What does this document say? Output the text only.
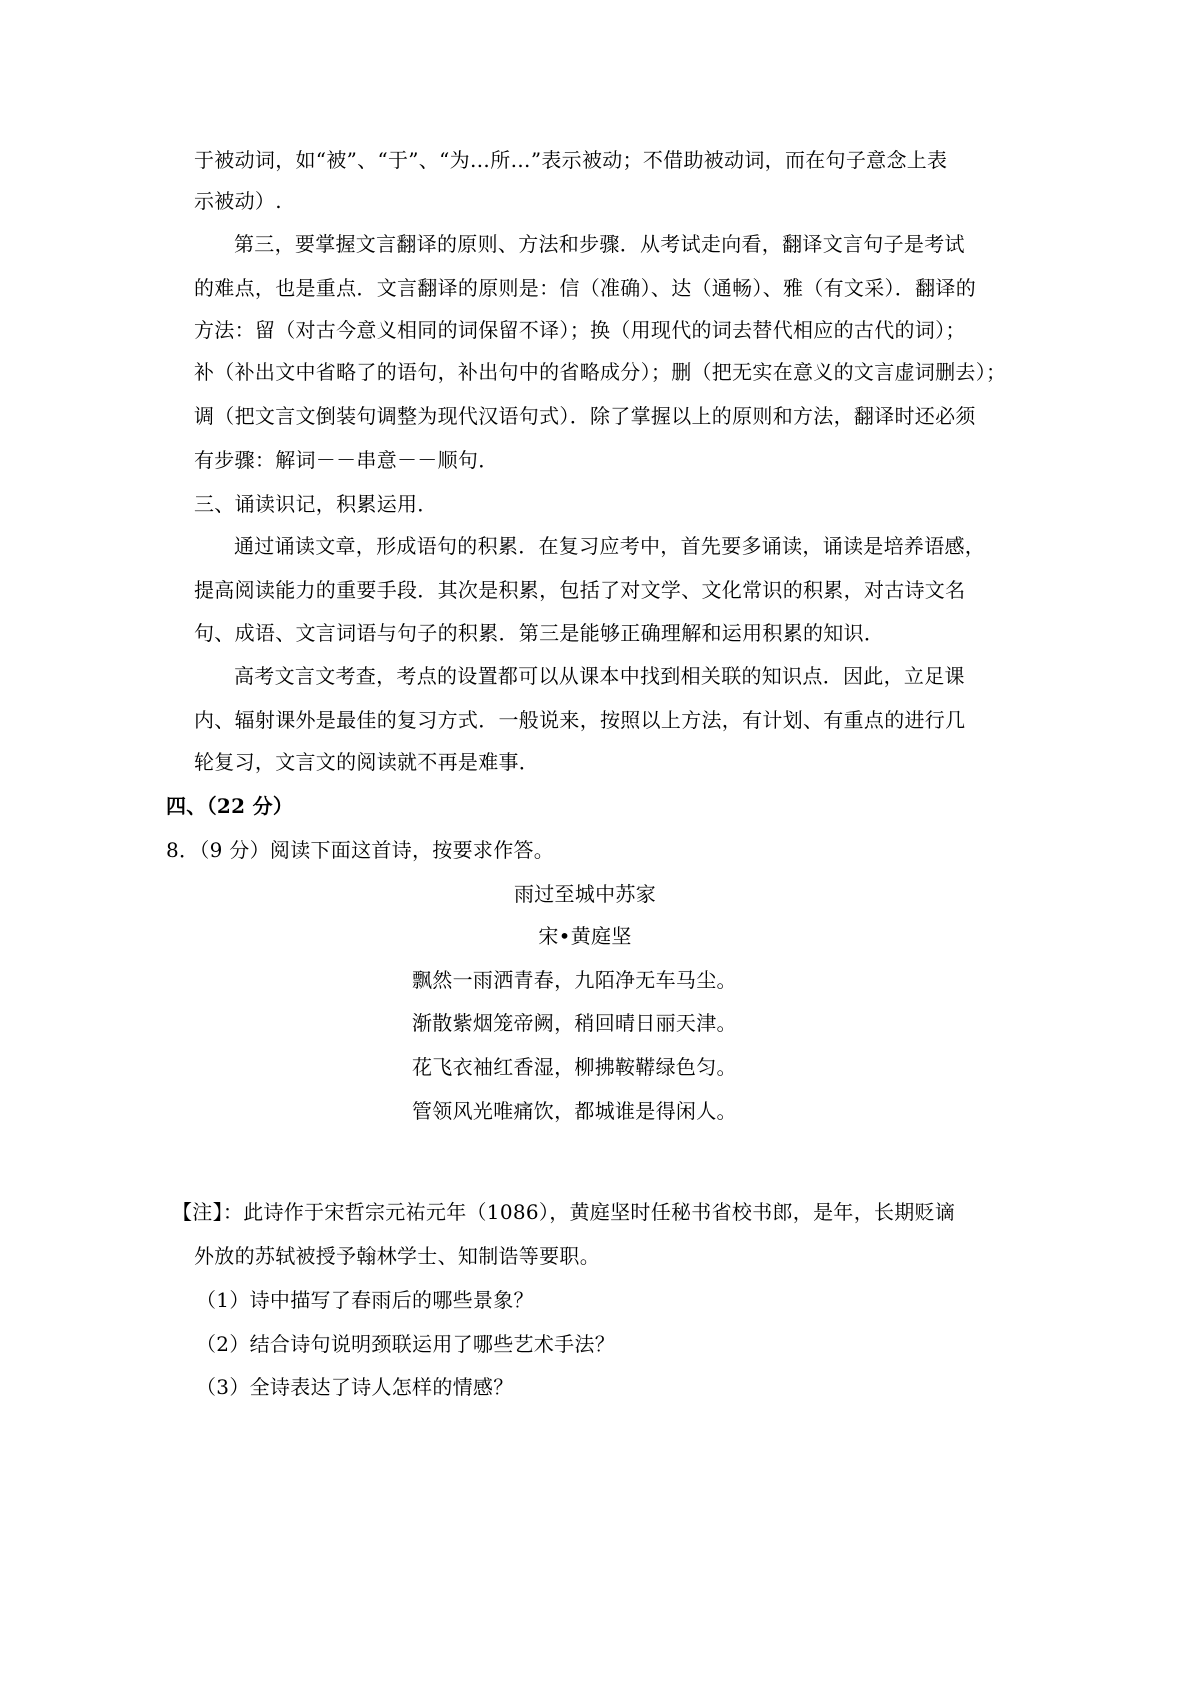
于被动词，如“被”、“于”、“为…所…”表示被动；不借助被动词，而在句子意念上表
示被动）.
第三，要掌握文言翻译的原则、方法和步骤．从考试走向看，翻译文言句子是考试
的难点，也是重点．文言翻译的原则是：信（准确）、达（通畅）、雅（有文采）．翻译的
方法：留（对古今意义相同的词保留不译）；换（用现代的词去替代相应的古代的词）；
补（补出文中省略了的语句，补出句中的省略成分）；删（把无实在意义的文言虚词删去）；
调（把文言文倒装句调整为现代汉语句式）．除了掌握以上的原则和方法，翻译时还必须
有步骤：解词－－串意－－顺句．
三、诵读识记，积累运用．
通过诵读文章，形成语句的积累．在复习应考中，首先要多诵读，诵读是培养语感，
提高阅读能力的重要手段．其次是积累，包括了对文学、文化常识的积累，对古诗文名
句、成语、文言词语与句子的积累．第三是能够正确理解和运用积累的知识．
高考文言文考查，考点的设置都可以从课本中找到相关联的知识点．因此，立足课
内、辐射课外是最佳的复习方式．一般说来，按照以上方法，有计划、有重点的进行几
轮复习，文言文的阅读就不再是难事．
四、（22 分）
8．（9 分）阅读下面这首诗，按要求作答。
雨过至城中苏家
宋•黄庭坚
飘然一雨洒青春，九陌净无车马尘。
渐散紫烟笼帝阙，稍回晴日丽天津。
花飞衣袖红香湿，柳拂鞍鞯绿色匀。
管领风光唯痛饮，都城谁是得闲人。
【注】：此诗作于宋哲宗元祐元年（1086），黄庭坚时任秘书省校书郎，是年，长期贬谪
外放的苏轼被授予翰林学士、知制诰等要职。
（1）诗中描写了春雨后的哪些景象？
（2）结合诗句说明颈联运用了哪些艺术手法？
（3）全诗表达了诗人怎样的情感？
